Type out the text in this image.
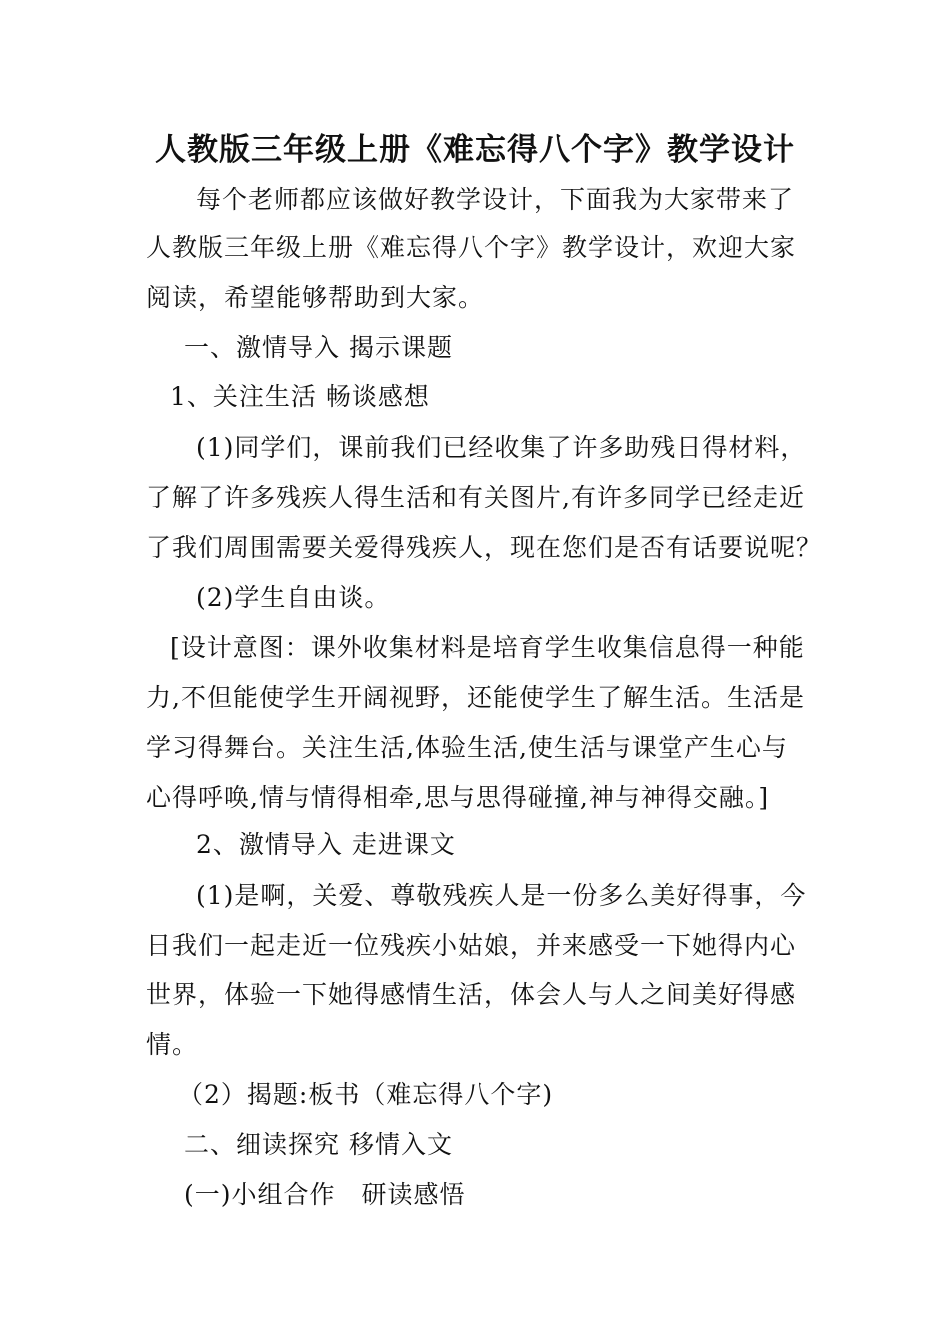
人教版三年级上册《难忘得八个字》教学设计
每个老师都应该做好教学设计，下面我为大家带来了
人教版三年级上册《难忘得八个字》教学设计，欢迎大家
阅读，希望能够帮助到大家。
一、激情导入 揭示课题
1、关注生活 畅谈感想
(1)同学们，课前我们已经收集了许多助残日得材料，
了解了许多残疾人得生活和有关图片,有许多同学已经走近
了我们周围需要关爱得残疾人，现在您们是否有话要说呢？
(2)学生自由谈。
[设计意图：课外收集材料是培育学生收集信息得一种能
力,不但能使学生开阔视野，还能使学生了解生活。生活是
学习得舞台。关注生活,体验生活,使生活与课堂产生心与
心得呼唤,情与情得相牵,思与思得碰撞,神与神得交融。]
2、激情导入 走进课文
(1)是啊，关爱、尊敬残疾人是一份多么美好得事，今
日我们一起走近一位残疾小姑娘，并来感受一下她得内心
世界，体验一下她得感情生活，体会人与人之间美好得感
情。
（2）揭题:板书（难忘得八个字)
二、细读探究 移情入文
(一)小组合作　研读感悟
